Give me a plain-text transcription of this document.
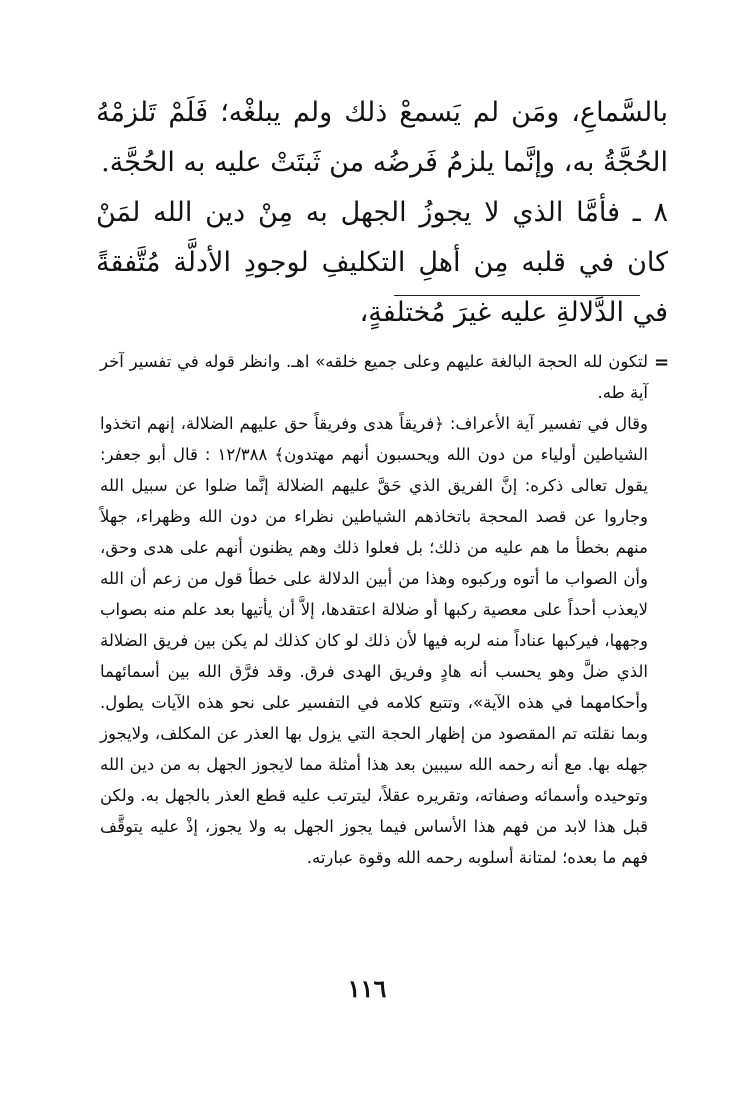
بالسَّماعِ، ومَن لم يَسمعْ ذلك ولم يبلغْه؛ فَلَمْ تَلزمْهُ الحُجَّةُ به، وإنَّما يلزمُ فَرضُه من ثَبتَتْ عليه به الحُجَّة.

٨ ـ فأمَّا الذي لا يجوزُ الجهل به مِنْ دين الله لمَنْ كان في قلبه مِن أهلِ التكليفِ لوجودِ الأدلَّة مُتَّفقةً في الدَّلالةِ عليه غيرَ مُختلفةٍ،

=

لتكون لله الحجة البالغة عليهم وعلى جميع خلقه» اهـ. وانظر قوله في تفسير آخر آية طه.

وقال في تفسير آية الأعراف: ﴿فريقاً هدى وفريقاً حق عليهم الضلالة، إنهم اتخذوا الشياطين أولياء من دون الله ويحسبون أنهم مهتدون﴾ ١٢/٣٨٨ : قال أبو جعفر: يقول تعالى ذكره: إنَّ الفريق الذي حَقَّ عليهم الضلالة إنَّما ضلوا عن سبيل الله وجاروا عن قصد المحجة باتخاذهم الشياطين نظراء من دون الله وظهراء، جهلاً منهم بخطأ ما هم عليه من ذلك؛ بل فعلوا ذلك وهم يظنون أنهم على هدى وحق، وأن الصواب ما أتوه وركبوه وهذا من أبين الدلالة على خطأ قول من زعم أن الله لايعذب أحداً على معصية ركبها أو ضلالة اعتقدها، إلاَّ أن يأتيها بعد علم منه بصواب وجهها، فيركبها عناداً منه لربه فيها لأن ذلك لو كان كذلك لم يكن بين فريق الضلالة الذي ضلَّ وهو يحسب أنه هادٍ وفريق الهدى فرق. وقد فرَّق الله بين أسمائهما وأحكامهما في هذه الآية»، وتتبع كلامه في التفسير على نحو هذه الآيات يطول. وبما نقلته تم المقصود من إظهار الحجة التي يزول بها العذر عن المكلف، ولايجوز جهله بها. مع أنه رحمه الله سيبين بعد هذا أمثلة مما لايجوز الجهل به من دين الله وتوحيده وأسمائه وصفاته، وتقريره عقلاً، ليترتب عليه قطع العذر بالجهل به. ولكن قبل هذا لابد من فهم هذا الأساس فيما يجوز الجهل به ولا يجوز، إذْ عليه يتوقَّف فهم ما بعده؛ لمتانة أسلوبه رحمه الله وقوة عبارته.

١١٦
